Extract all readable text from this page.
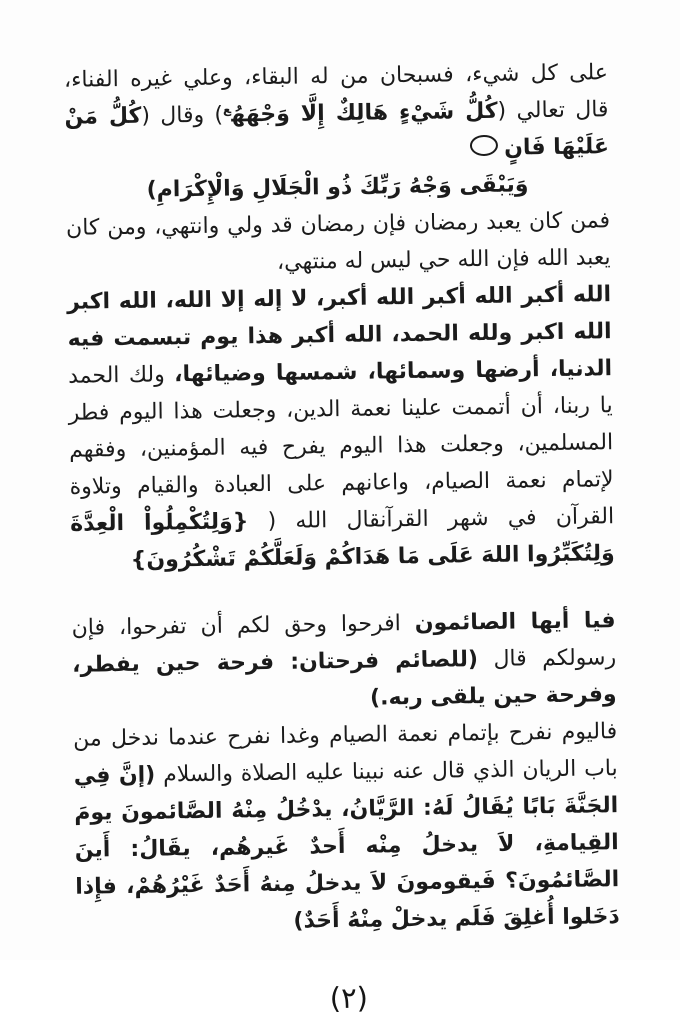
على كل شيء، فسبحان من له البقاء، وعلي غيره الفناء، قال تعالي (كُلُّ شَيْءٍ هَالِكٌ إِلَّا وَجْهَهُ$^ع$) وقال (كُلُّ مَنْ عَلَيْهَا فَانٍ

وَيَبْقَى وَجْهُ رَبِّكَ ذُو الْجَلَالِ وَالْإِكْرَامِ)

فمن كان يعبد رمضان فإن رمضان قد ولي وانتهي، ومن كان يعبد الله فإن الله حي ليس له منتهي،

الله أكبر الله أكبر الله أكبر، لا إله إلا الله، الله اكبر الله اكبر ولله الحمد، الله أكبر هذا يوم تبسمت فيه الدنيا، أرضها وسمائها، شمسها وضيائها، ولك الحمد يا ربنا، أن أتممت علينا نعمة الدين، وجعلت هذا اليوم فطر المسلمين، وجعلت هذا اليوم يفرح فيه المؤمنين، وفقهم لإتمام نعمة الصيام، واعانهم على العبادة والقيام وتلاوة القرآن في شهر القرآنقال الله ( {وَلِتُكْمِلُواْ الْعِدَّةَ وَلِتُكَبِّرُوا اللهَ عَلَى مَا هَدَاكُمْ وَلَعَلَّكُمْ تَشْكُرُونَ}

فيا أيها الصائمون افرحوا وحق لكم أن تفرحوا، فإن رسولكم قال (للصائم فرحتان: فرحة حين يفطر، وفرحة حين يلقى ربه.)

فاليوم نفرح بإتمام نعمة الصيام وغدا نفرح عندما ندخل من باب الريان الذي قال عنه نبينا عليه الصلاة والسلام (إنَّ فِي الجَنَّةَ بَابًا يُقَالُ لَهُ: الرَّيَّانُ، يدْخُلُ مِنْهُ الصَّائمونَ يومَ القِيامةِ، لاَ يدخلُ مِنْه أَحدٌ غَيرهُم، يقَالُ: أَينَ الصَّائمُونَ؟ فَيقومونَ لاَ يدخلُ مِنهُ أَحَدٌ غَيْرُهُمْ، فإِذا دَخَلوا أُغلِقَ فَلَم يدخلْ مِنْهُ أَحَدٌ)

(٢)
